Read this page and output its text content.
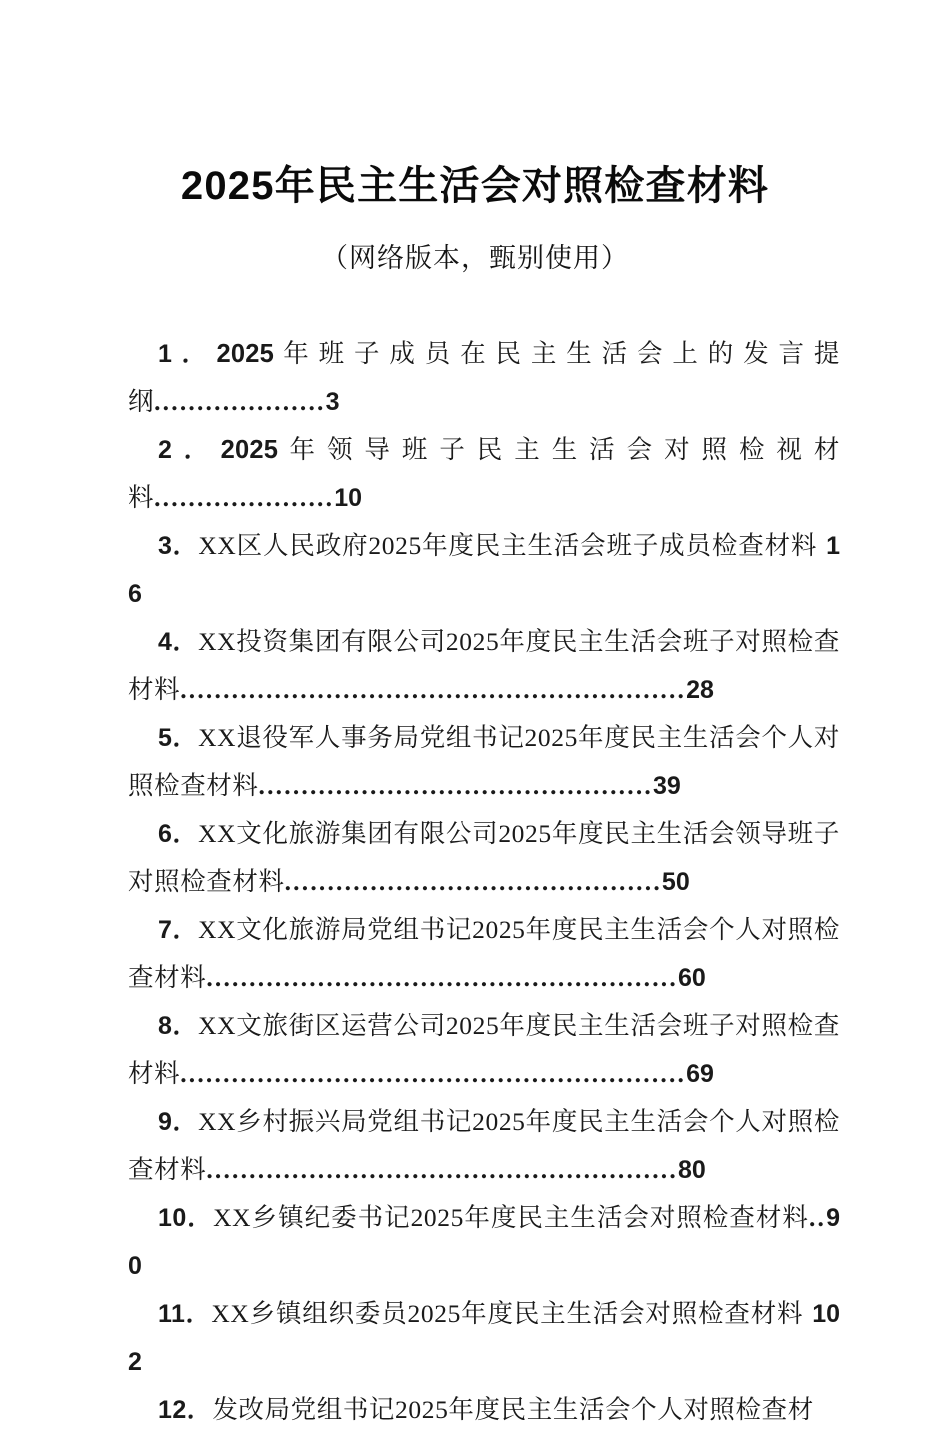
2025年民主生活会对照检查材料
（网络版本，甄别使用）

1．2025年班子成员在民主生活会上的发言提纲....................3

2．2025年领导班子民主生活会对照检视材料.....................10

3．XX区人民政府2025年度民主生活会班子成员检查材料 16

4．XX投资集团有限公司2025年度民主生活会班子对照检查材料...........................................................28

5．XX退役军人事务局党组书记2025年度民主生活会个人对照检查材料..............................................39

6．XX文化旅游集团有限公司2025年度民主生活会领导班子对照检查材料............................................50

7．XX文化旅游局党组书记2025年度民主生活会个人对照检查材料.......................................................60

8．XX文旅街区运营公司2025年度民主生活会班子对照检查材料...........................................................69

9．XX乡村振兴局党组书记2025年度民主生活会个人对照检查材料.......................................................80

10．XX乡镇纪委书记2025年度民主生活会对照检查材料..90

11．XX乡镇组织委员2025年度民主生活会对照检查材料 102

12．发改局党组书记2025年度民主生活会个人对照检查材
